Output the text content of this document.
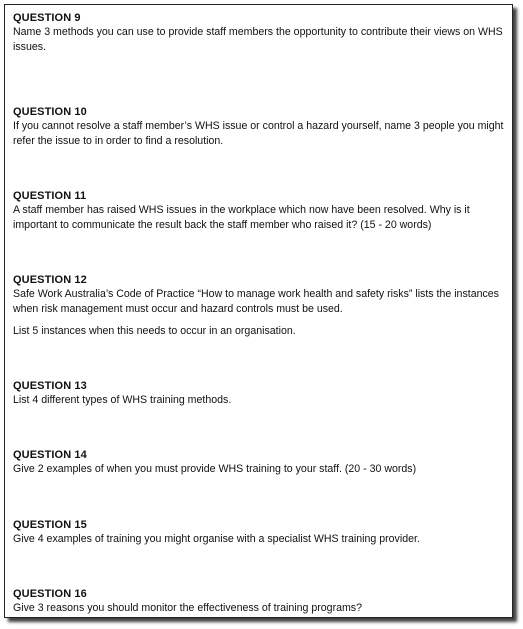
QUESTION 9

Name 3 methods you can use to provide staff members the opportunity to contribute their views on WHS issues.

QUESTION 10

If you cannot resolve a staff member’s WHS issue or control a hazard yourself, name 3 people you might refer the issue to in order to find a resolution.

QUESTION 11

A staff member has raised WHS issues in the workplace which now have been resolved. Why is it important to communicate the result back the staff member who raised it? (15 - 20 words)

QUESTION 12

Safe Work Australia’s Code of Practice “How to manage work health and safety risks” lists the instances when risk management must occur and hazard controls must be used.

List 5 instances when this needs to occur in an organisation.

QUESTION 13

List 4 different types of WHS training methods.

QUESTION 14

Give 2 examples of when you must provide WHS training to your staff. (20 - 30 words)

QUESTION 15

Give 4 examples of training you might organise with a specialist WHS training provider.

QUESTION 16

Give 3 reasons you should monitor the effectiveness of training programs?
